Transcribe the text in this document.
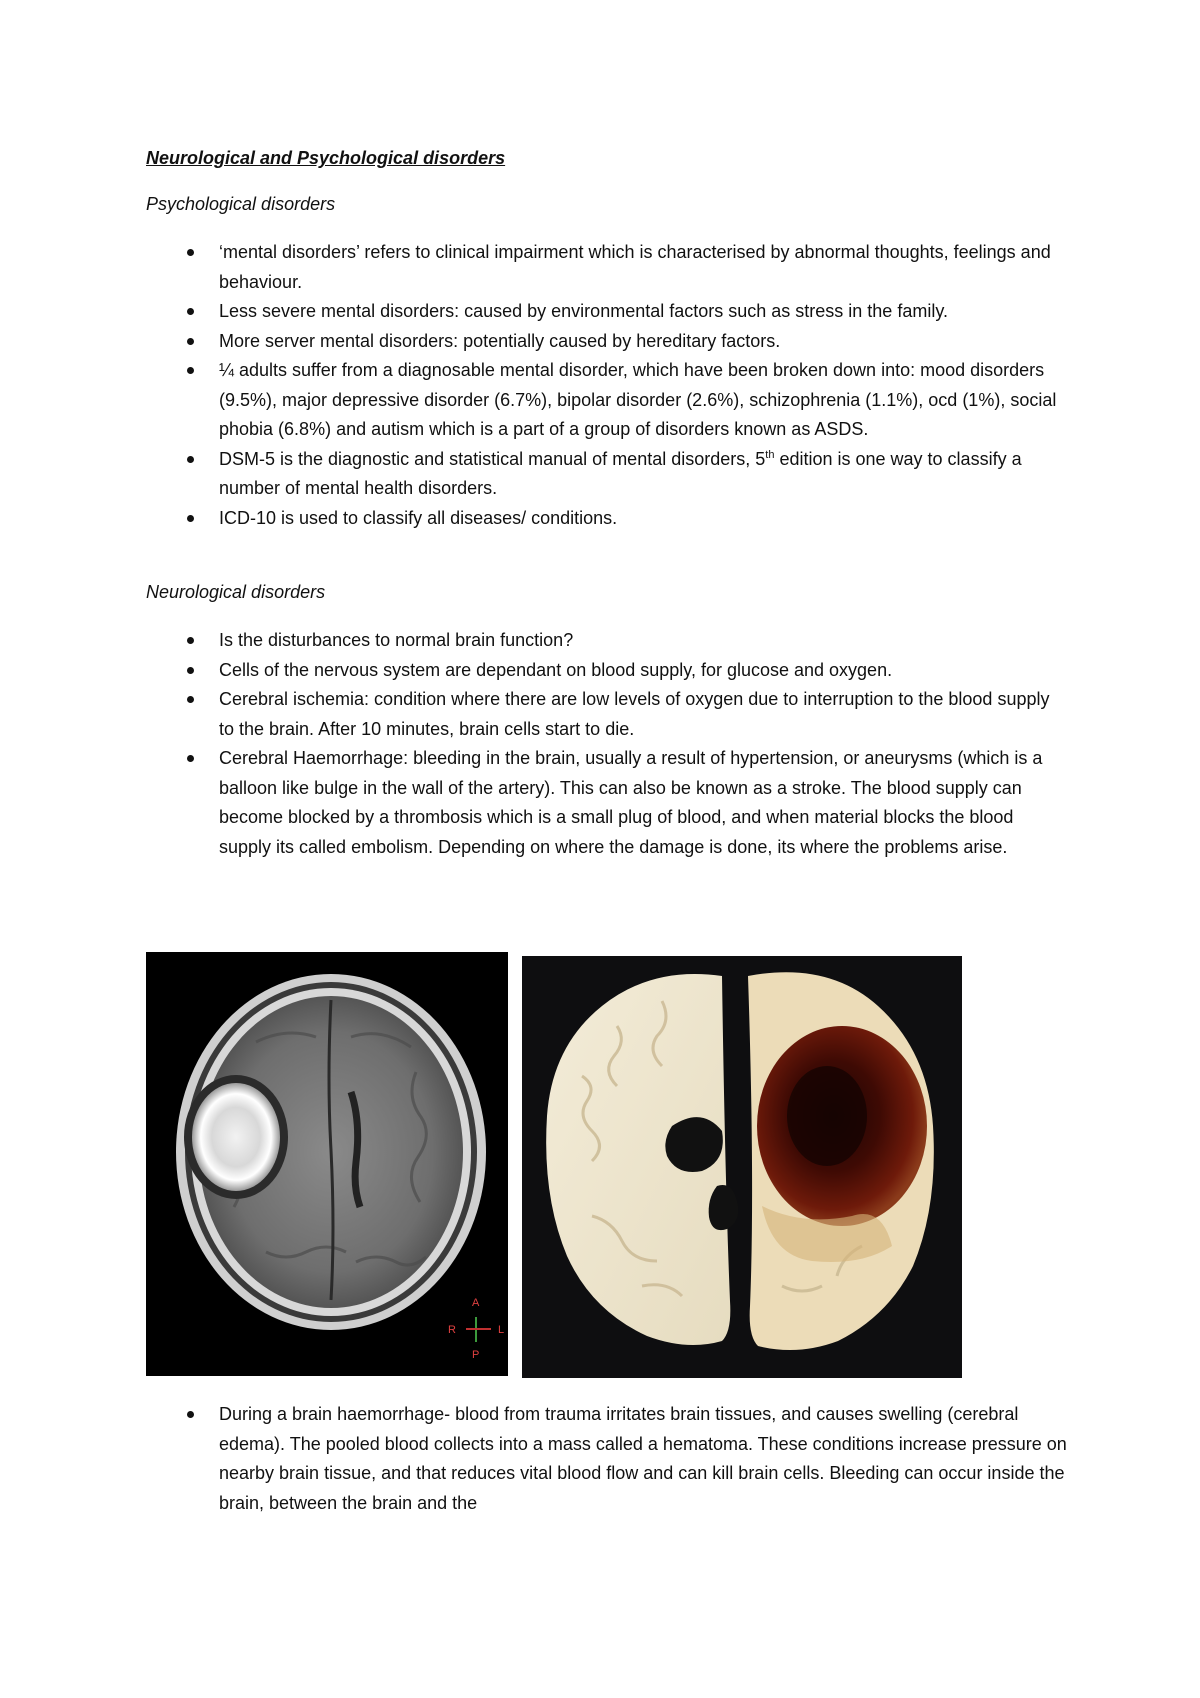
Neurological and Psychological disorders
Psychological disorders
‘mental disorders’ refers to clinical impairment which is characterised by abnormal thoughts, feelings and behaviour.
Less severe mental disorders: caused by environmental factors such as stress in the family.
More server mental disorders: potentially caused by hereditary factors.
¼ adults suffer from a diagnosable mental disorder, which have been broken down into: mood disorders (9.5%), major depressive disorder (6.7%), bipolar disorder (2.6%), schizophrenia (1.1%), ocd (1%), social phobia (6.8%) and autism which is a part of a group of disorders known as ASDS.
DSM-5 is the diagnostic and statistical manual of mental disorders, 5th edition is one way to classify a number of mental health disorders.
ICD-10 is used to classify all diseases/ conditions.
Neurological disorders
Is the disturbances to normal brain function?
Cells of the nervous system are dependant on blood supply, for glucose and oxygen.
Cerebral ischemia: condition where there are low levels of oxygen due to interruption to the blood supply to the brain. After 10 minutes, brain cells start to die.
Cerebral Haemorrhage: bleeding in the brain, usually a result of hypertension, or aneurysms (which is a balloon like bulge in the wall of the artery). This can also be known as a stroke. The blood supply can become blocked by a thrombosis which is a small plug of blood, and when material blocks the blood supply its called embolism. Depending on where the damage is done, its where the problems arise.
A
R	L
P
During a brain haemorrhage- blood from trauma irritates brain tissues, and causes swelling (cerebral edema). The pooled blood collects into a mass called a hematoma. These conditions increase pressure on nearby brain tissue, and that reduces vital blood flow and can kill brain cells. Bleeding can occur inside the brain, between the brain and the
